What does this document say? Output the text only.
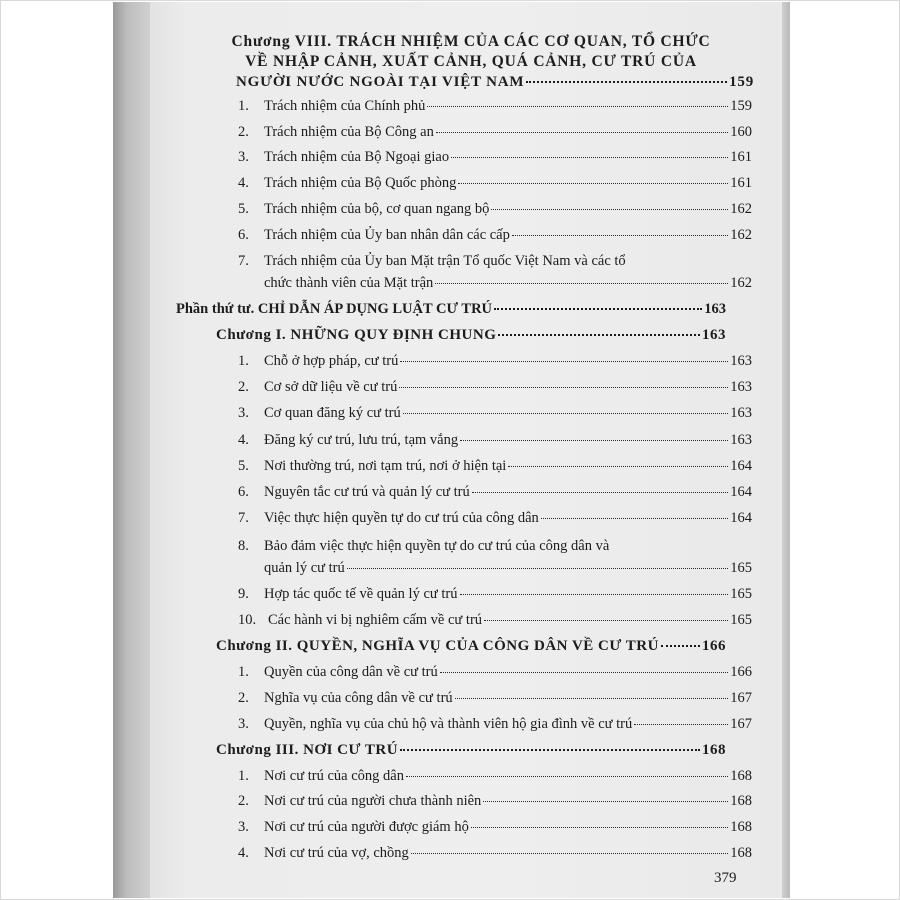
Chương VIII. TRÁCH NHIỆM CỦA CÁC CƠ QUAN, TỔ CHỨC
VỀ NHẬP CẢNH, XUẤT CẢNH, QUÁ CẢNH, CƯ TRÚ CỦA
NGƯỜI NƯỚC NGOÀI TẠI VIỆT NAM	159
1.	Trách nhiệm của Chính phủ	159
2.	Trách nhiệm của Bộ Công an	160
3.	Trách nhiệm của Bộ Ngoại giao	161
4.	Trách nhiệm của Bộ Quốc phòng	161
5.	Trách nhiệm của bộ, cơ quan ngang bộ	162
6.	Trách nhiệm của Ủy ban nhân dân các cấp	162
7.	Trách nhiệm của Ủy ban Mặt trận Tổ quốc Việt Nam và các tổ
chức thành viên của Mặt trận	162
Phần thứ tư. CHỈ DẪN ÁP DỤNG LUẬT CƯ TRÚ	163
Chương I. NHỮNG QUY ĐỊNH CHUNG	163
1.	Chỗ ở hợp pháp, cư trú	163
2.	Cơ sở dữ liệu về cư trú	163
3.	Cơ quan đăng ký cư trú	163
4.	Đăng ký cư trú, lưu trú, tạm vắng	163
5.	Nơi thường trú, nơi tạm trú, nơi ở hiện tại	164
6.	Nguyên tắc cư trú và quản lý cư trú	164
7.	Việc thực hiện quyền tự do cư trú của công dân	164
8.	Bảo đảm việc thực hiện quyền tự do cư trú của công dân và
quản lý cư trú	165
9.	Hợp tác quốc tế về quản lý cư trú	165
10. Các hành vi bị nghiêm cấm về cư trú	165
Chương II. QUYỀN, NGHĨA VỤ CỦA CÔNG DÂN VỀ CƯ TRÚ	166
1.	Quyền của công dân về cư trú	166
2.	Nghĩa vụ của công dân về cư trú	167
3.	Quyền, nghĩa vụ của chủ hộ và thành viên hộ gia đình về cư trú	167
Chương III. NƠI CƯ TRÚ	168
1.	Nơi cư trú của công dân	168
2.	Nơi cư trú của người chưa thành niên	168
3.	Nơi cư trú của người được giám hộ	168
4.	Nơi cư trú của vợ, chồng	168
379
